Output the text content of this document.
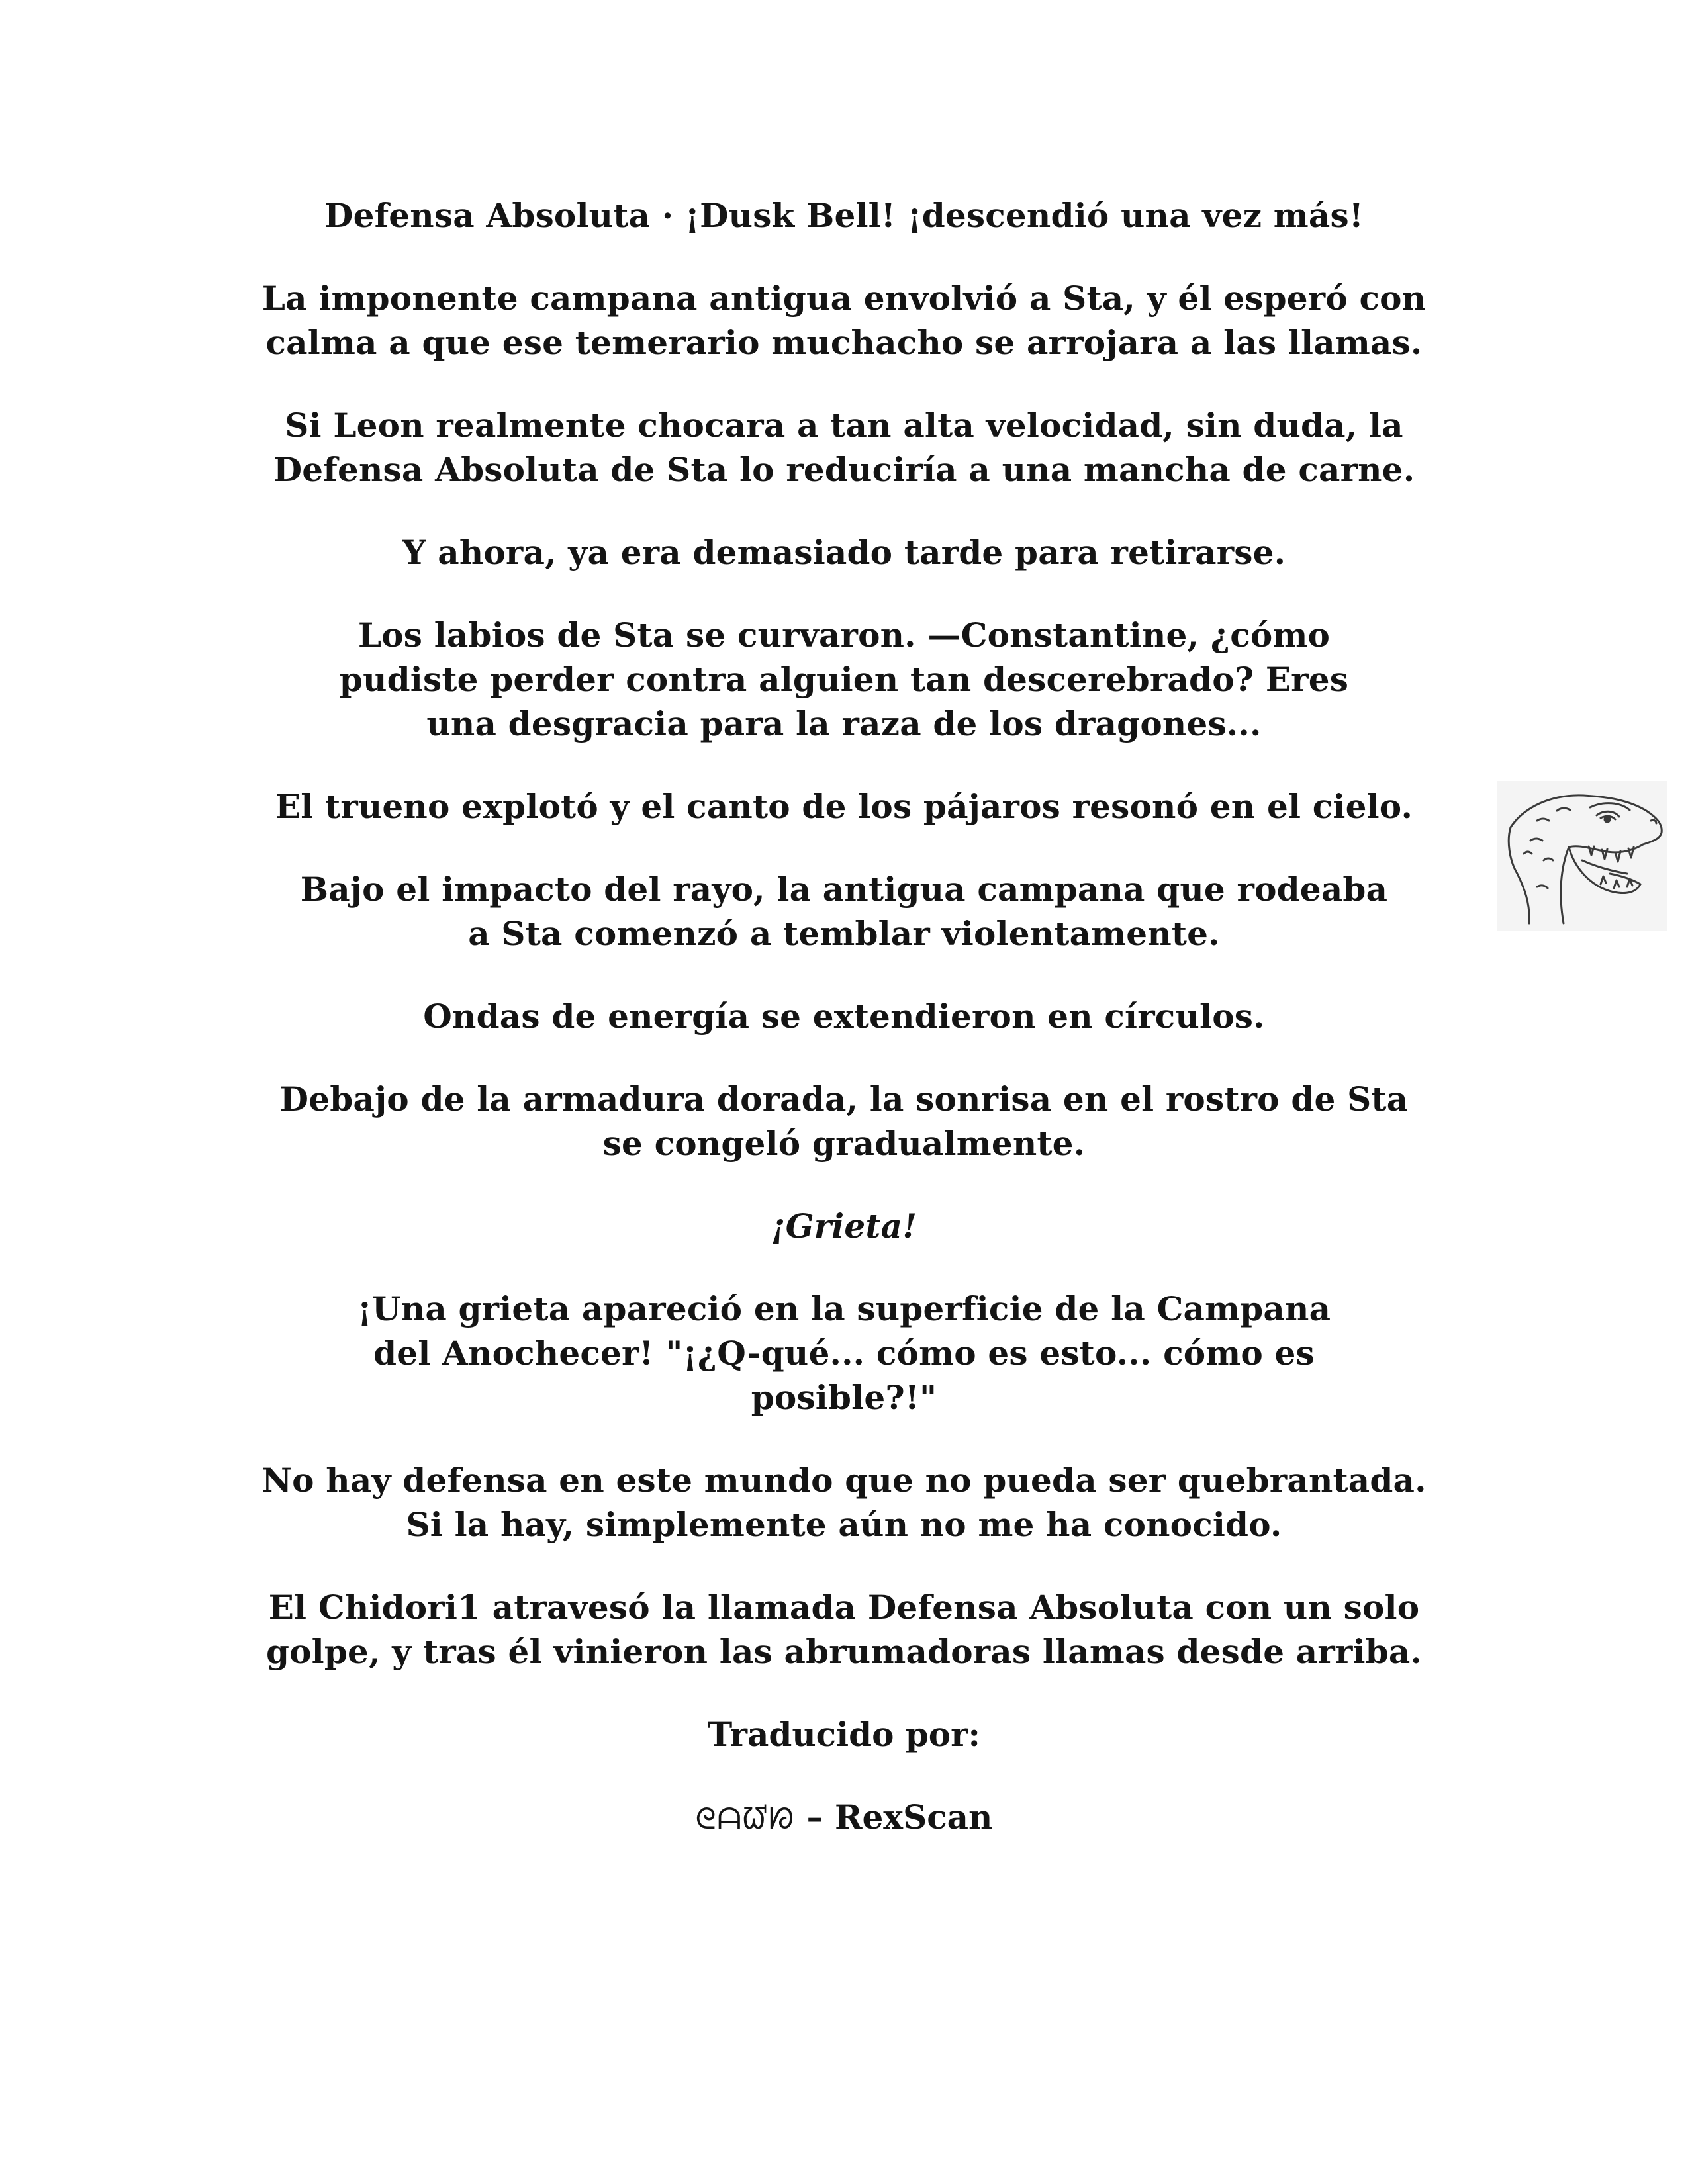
Defensa Absoluta · ¡Dusk Bell! ¡descendió una vez más!

La imponente campana antigua envolvió a Sta, y él esperó con calma a que ese temerario muchacho se arrojara a las llamas.

Si Leon realmente chocara a tan alta velocidad, sin duda, la Defensa Absoluta de Sta lo reduciría a una mancha de carne.

Y ahora, ya era demasiado tarde para retirarse.

Los labios de Sta se curvaron. —Constantine, ¿cómo pudiste perder contra alguien tan descerebrado? Eres una desgracia para la raza de los dragones...

El trueno explotó y el canto de los pájaros resonó en el cielo.

Bajo el impacto del rayo, la antigua campana que rodeaba a Sta comenzó a temblar violentamente.

Ondas de energía se extendieron en círculos.

Debajo de la armadura dorada, la sonrisa en el rostro de Sta se congeló gradualmente.

¡Grieta!

¡Una grieta apareció en la superficie de la Campana del Anochecer! "¡¿Q-qué... cómo es esto... cómo es posible?!"

No hay defensa en este mundo que no pueda ser quebrantada. Si la hay, simplemente aún no me ha conocido.

El Chidori1 atravesó la llamada Defensa Absoluta con un solo golpe, y tras él vinieron las abrumadoras llamas desde arriba.

Traducido por:

ᘓᗩᘺᘗ – RexScan
